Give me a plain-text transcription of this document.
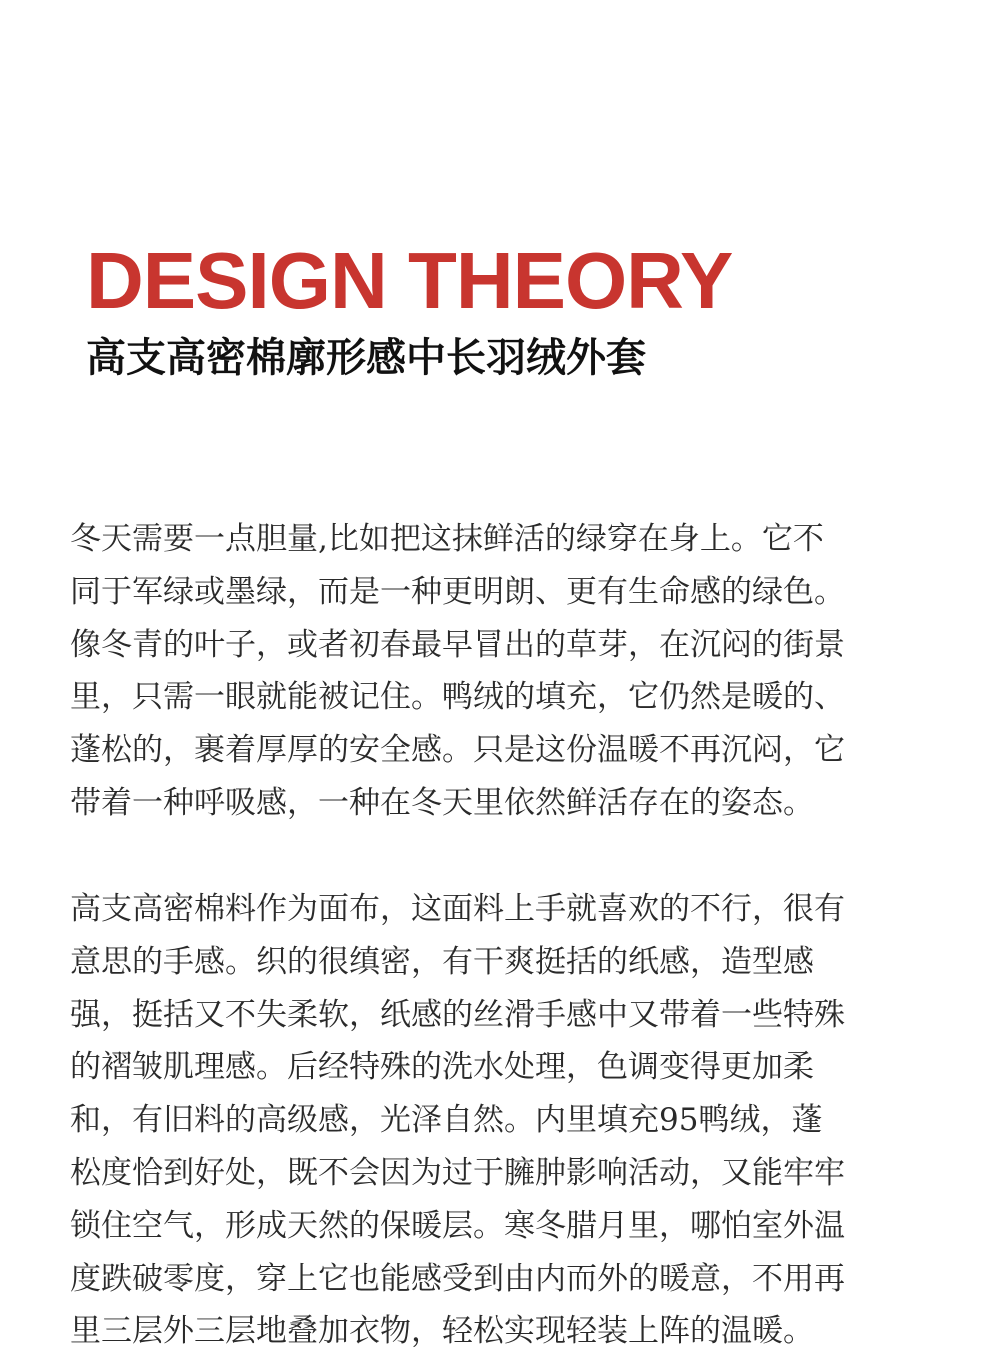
DESIGN THEORY
高支高密棉廓形感中长羽绒外套

冬天需要一点胆量,比如把这抹鲜活的绿穿在身上。它不
同于军绿或墨绿，而是一种更明朗、更有生命感的绿色。
像冬青的叶子，或者初春最早冒出的草芽，在沉闷的街景
里，只需一眼就能被记住。鸭绒的填充，它仍然是暖的、
蓬松的，裹着厚厚的安全感。只是这份温暖不再沉闷，它
带着一种呼吸感，一种在冬天里依然鲜活存在的姿态。

高支高密棉料作为面布，这面料上手就喜欢的不行，很有
意思的手感。织的很缜密，有干爽挺括的纸感，造型感
强，挺括又不失柔软，纸感的丝滑手感中又带着一些特殊
的褶皱肌理感。后经特殊的洗水处理，色调变得更加柔
和，有旧料的高级感，光泽自然。内里填充95鸭绒，蓬
松度恰到好处，既不会因为过于臃肿影响活动，又能牢牢
锁住空气，形成天然的保暖层。寒冬腊月里，哪怕室外温
度跌破零度，穿上它也能感受到由内而外的暖意，不用再
里三层外三层地叠加衣物，轻松实现轻装上阵的温暖。
